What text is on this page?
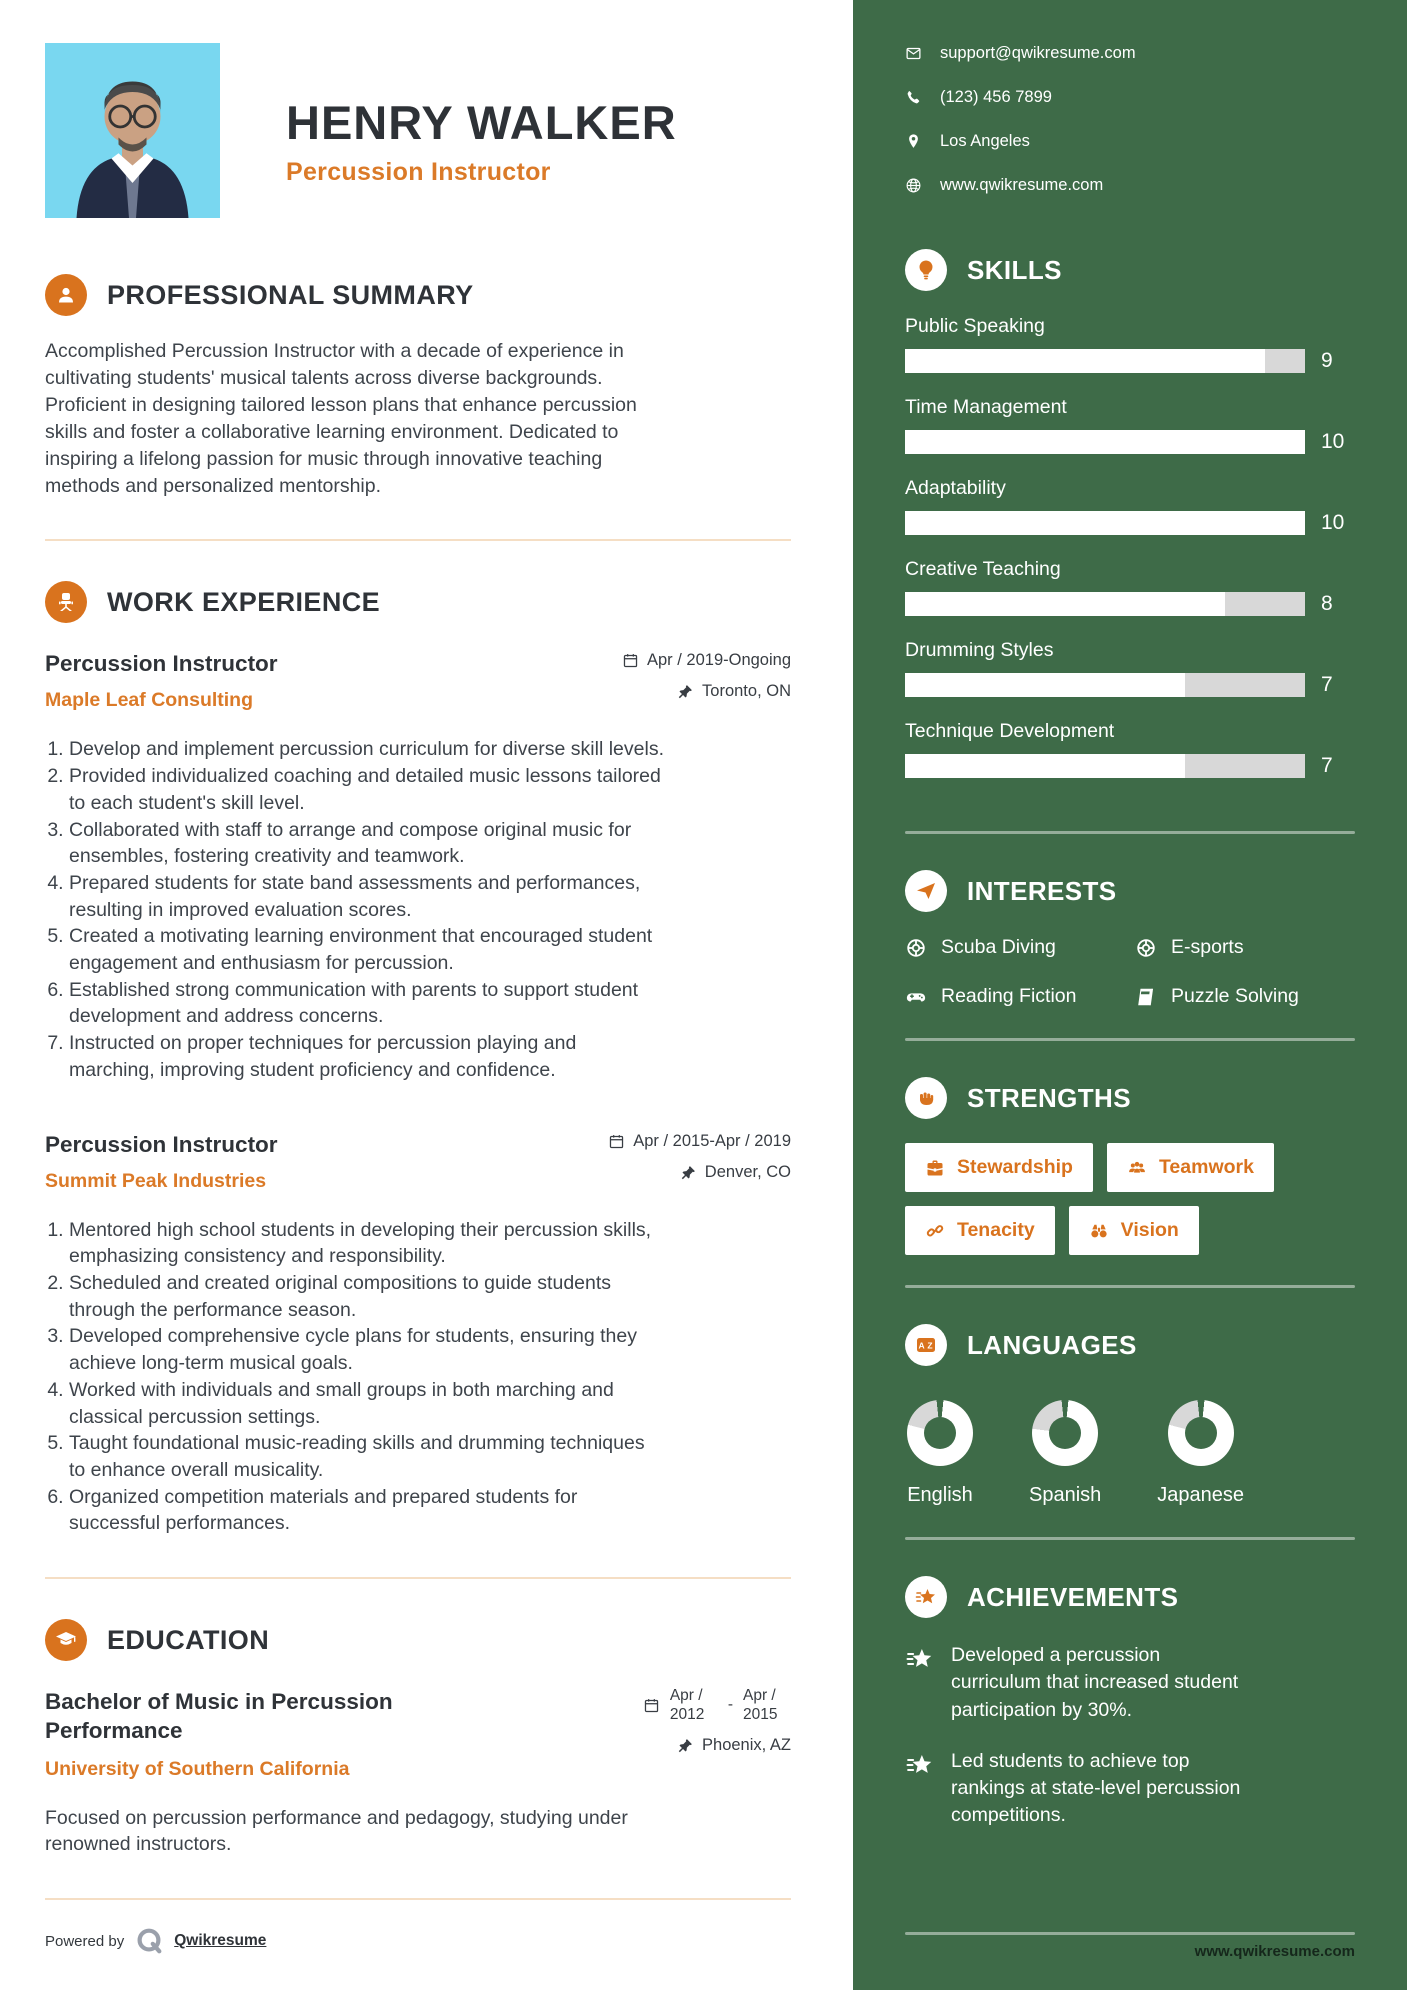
HENRY WALKER
Percussion Instructor
PROFESSIONAL SUMMARY

Accomplished Percussion Instructor with a decade of experience in cultivating students' musical talents across diverse backgrounds. Proficient in designing tailored lesson plans that enhance percussion skills and foster a collaborative learning environment. Dedicated to inspiring a lifelong passion for music through innovative teaching methods and personalized mentorship.

WORK EXPERIENCE
Percussion Instructor
Maple Leaf Consulting
Apr / 2019-Ongoing
Toronto, ON
1. Develop and implement percussion curriculum for diverse skill levels.
2. Provided individualized coaching and detailed music lessons tailored to each student's skill level.
3. Collaborated with staff to arrange and compose original music for ensembles, fostering creativity and teamwork.
4. Prepared students for state band assessments and performances, resulting in improved evaluation scores.
5. Created a motivating learning environment that encouraged student engagement and enthusiasm for percussion.
6. Established strong communication with parents to support student development and address concerns.
7. Instructed on proper techniques for percussion playing and marching, improving student proficiency and confidence.
Percussion Instructor
Summit Peak Industries
Apr / 2015-Apr / 2019
Denver, CO
1. Mentored high school students in developing their percussion skills, emphasizing consistency and responsibility.
2. Scheduled and created original compositions to guide students through the performance season.
3. Developed comprehensive cycle plans for students, ensuring they achieve long-term musical goals.
4. Worked with individuals and small groups in both marching and classical percussion settings.
5. Taught foundational music-reading skills and drumming techniques to enhance overall musicality.
6. Organized competition materials and prepared students for successful performances.
EDUCATION
Bachelor of Music in Percussion Performance
University of Southern California
Apr / 2012
-
Apr / 2015
Phoenix, AZ

Focused on percussion performance and pedagogy, studying under renowned instructors.

Powered by	Qwikresume
support@qwikresume.com
(123) 456 7899
Los Angeles
www.qwikresume.com
SKILLS
Public Speaking
9
Time Management
10
Adaptability
10
Creative Teaching
8
Drumming Styles
7
Technique Development
7
INTERESTS
Scuba Diving	E-sports
Reading Fiction	Puzzle Solving
STRENGTHS
Stewardship	Teamwork
Tenacity	Vision
A Z LANGUAGES
English	Spanish	Japanese
ACHIEVEMENTS
Developed a percussion curriculum that increased student participation by 30%.
Led students to achieve top rankings at state-level percussion competitions.
www.qwikresume.com
